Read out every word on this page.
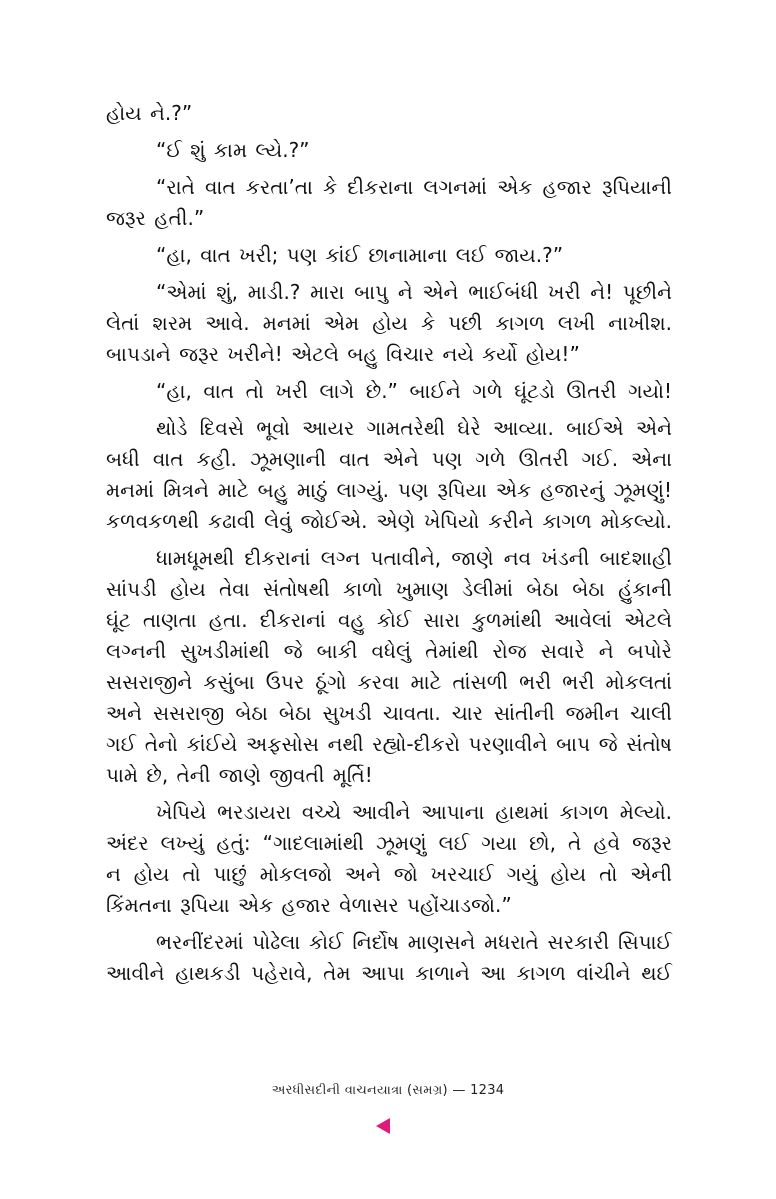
હોય ને.?”
“ઈ શું કામ લ્યે.?”
“રાતે વાત કરતા’તા કે દીકરાના લગનમાં એક હજાર રૂપિયાની
જરૂર હતી.”
“હા, વાત ખરી; પણ કાંઈ છાનામાના લઈ જાય.?”
“એમાં શું, માડી.? મારા બાપુ ને એને ભાઈબંધી ખરી ને! પૂછીને
લેતાં શરમ આવે. મનમાં એમ હોય કે પછી કાગળ લખી નાખીશ.
બાપડાને જરૂર ખરીને! એટલે બહુ વિચાર નયે કર્યો હોય!”
“હા, વાત તો ખરી લાગે છે.” બાઈને ગળે ઘૂંટડો ઊતરી ગયો!
થોડે દિવસે ભૂવો આયર ગામતરેથી ઘેરે આવ્યા. બાઈએ એને
બધી વાત કહી. ઝૂમણાની વાત એને પણ ગળે ઊતરી ગઈ. એના
મનમાં મિત્રને માટે બહુ માઠું લાગ્યું. પણ રૂપિયા એક હજારનું ઝૂમણું!
કળવકળથી કઢાવી લેવું જોઈએ. એણે ખેપિયો કરીને કાગળ મોકલ્યો.
ધામધૂમથી દીકરાનાં લગ્ન પતાવીને, જાણે નવ ખંડની બાદશાહી
સાંપડી હોય તેવા સંતોષથી કાળો ખુમાણ ડેલીમાં બેઠા બેઠા હુંકાની
ઘૂંટ તાણતા હતા. દીકરાનાં વહુ કોઈ સારા કુળમાંથી આવેલાં એટલે
લગ્નની સુખડીમાંથી જે બાકી વધેલું તેમાંથી રોજ સવારે ને બપોરે
સસરાજીને કસુંબા ઉપર ઠૂંગો કરવા માટે તાંસળી ભરી ભરી મોકલતાં
અને સસરાજી બેઠા બેઠા સુખડી ચાવતા. ચાર સાંતીની જમીન ચાલી
ગઈ તેનો કાંઈયે અફસોસ નથી રહ્યો-દીકરો પરણાવીને બાપ જે સંતોષ
પામે છે, તેની જાણે જીવતી મૂર્તિ!
ખેપિયે ભરડાયરા વચ્ચે આવીને આપાના હાથમાં કાગળ મેલ્યો.
અંદર લખ્યું હતું: “ગાદલામાંથી ઝૂમણું લઈ ગયા છો, તે હવે જરૂર
ન હોય તો પાછું મોકલજો અને જો ખરચાઈ ગયું હોય તો એની
કિંમતના રૂપિયા એક હજાર વેળાસર પહોંચાડજો.”
ભરનીંદરમાં પોઢેલા કોઈ નિર્દોષ માણસને મધરાતે સરકારી સિપાઈ
આવીને હાથકડી પહેરાવે, તેમ આપા કાળાને આ કાગળ વાંચીને થઈ
અરધીસદીની વાચનયાત્રા (સમગ્ર) — 1234
